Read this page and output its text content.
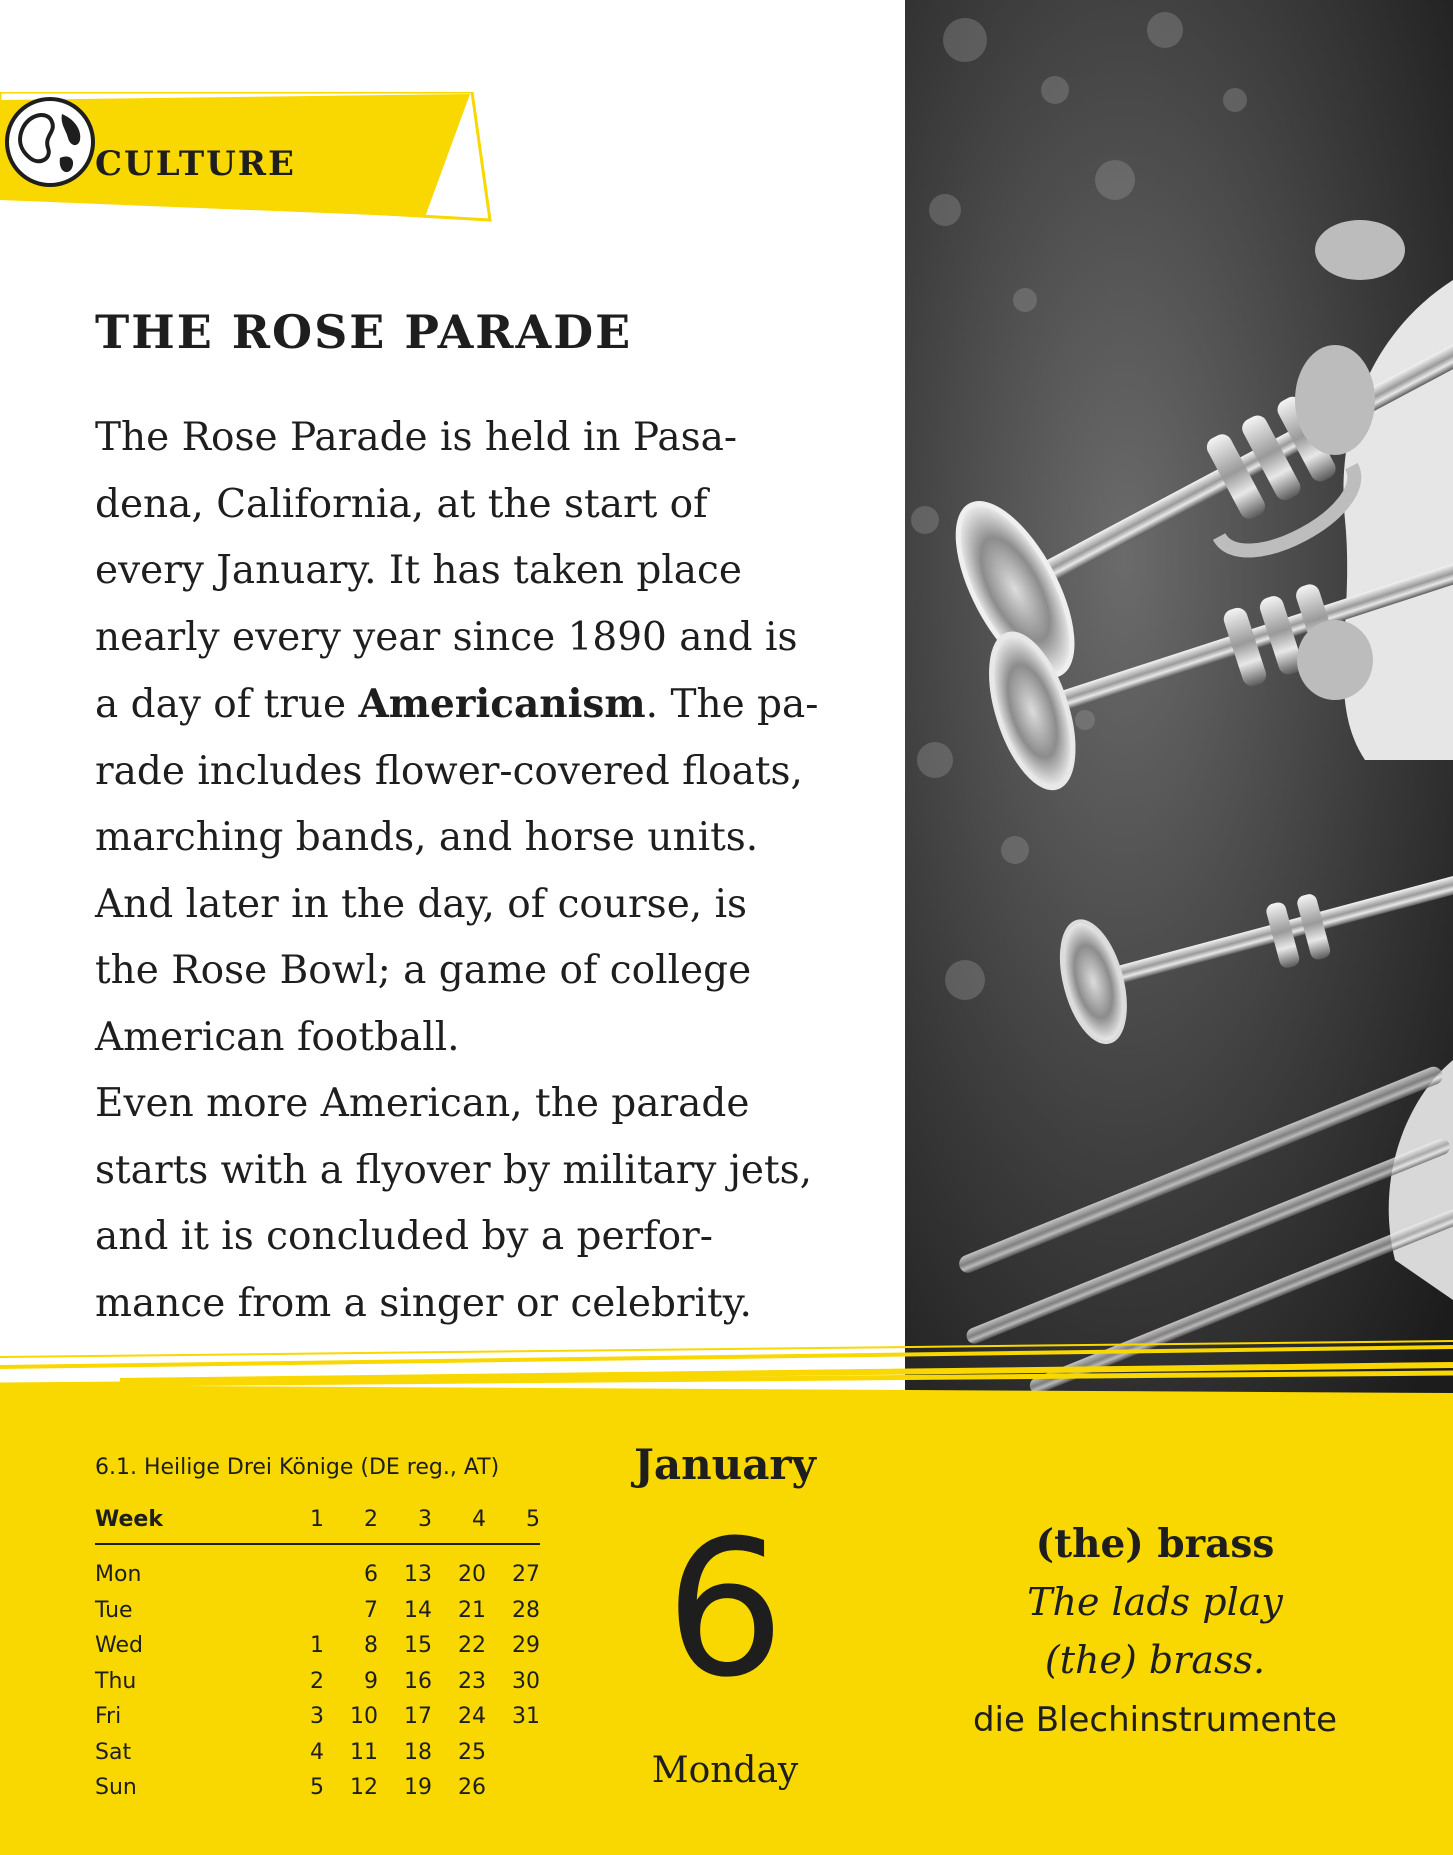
CULTURE
THE ROSE PARADE
The Rose Parade is held in Pasa-
dena, California, at the start of
every January. It has taken place
nearly every year since 1890 and is
a day of true Americanism. The pa-
rade includes flower-covered floats,
marching bands, and horse units.
And later in the day, of course, is
the Rose Bowl; a game of college
American football.
Even more American, the parade
starts with a flyover by military jets,
and it is concluded by a perfor-
mance from a singer or celebrity.
6.1. Heilige Drei Könige (DE reg., AT)
Week	1	2	3	4	5
Mon		6	13	20	27
Tue		7	14	21	28
Wed	1	8	15	22	29
Thu	2	9	16	23	30
Fri	3	10	17	24	31
Sat	4	11	18	25	
Sun	5	12	19	26	
January
6
Monday
(the) brass
The lads play
(the) brass.
die Blechinstrumente
